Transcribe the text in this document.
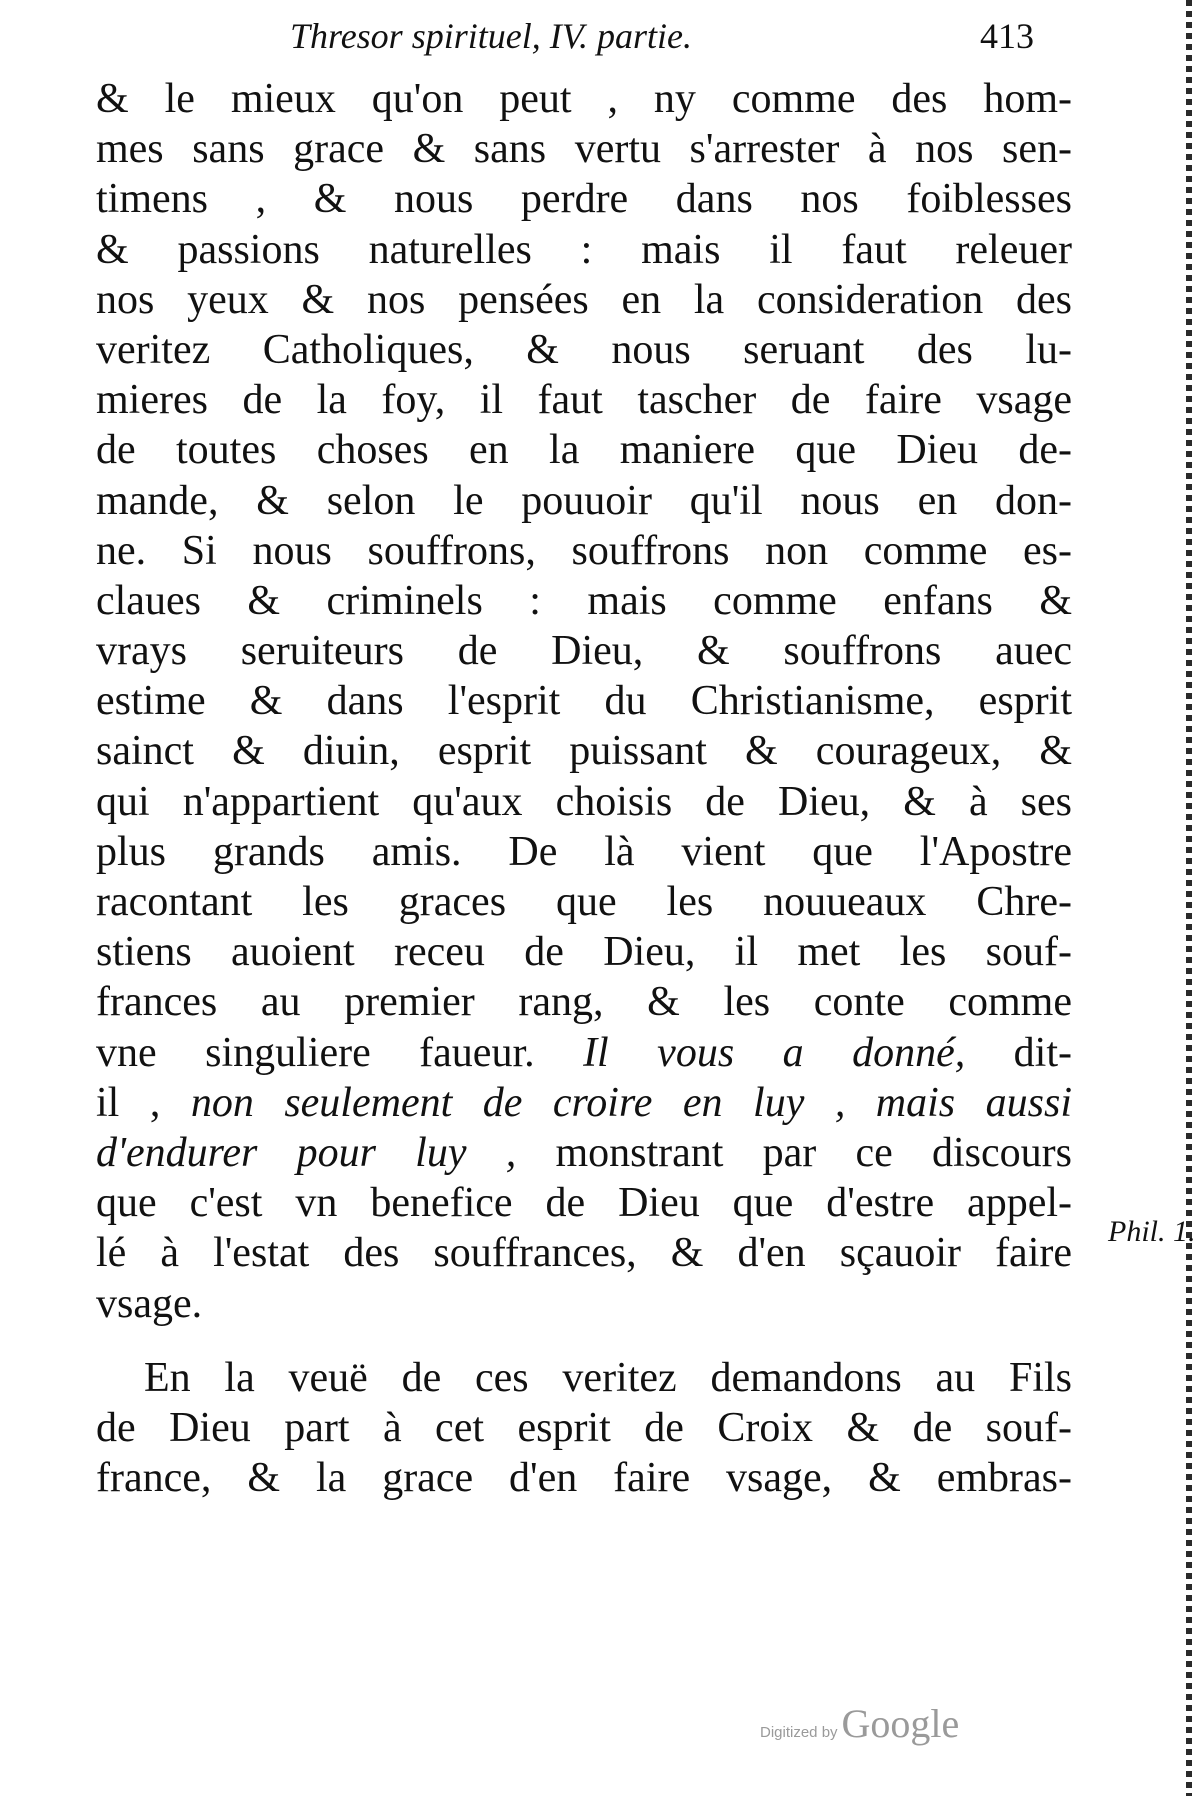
Thresor spirituel, IV. partie.	413
& le mieux qu'on peut , ny comme des hom-
mes sans grace & sans vertu s'arrester à nos sen-
timens , & nous perdre dans nos foiblesses
& passions naturelles : mais il faut releuer
nos yeux & nos pensées en la consideration des
veritez Catholiques, & nous seruant des lu-
mieres de la foy, il faut tascher de faire vsage
de toutes choses en la maniere que Dieu de-
mande, & selon le pouuoir qu'il nous en don-
ne. Si nous souffrons, souffrons non comme es-
claues & criminels : mais comme enfans &
vrays seruiteurs de Dieu, & souffrons auec
estime & dans l'esprit du Christianisme, esprit
sainct & diuin, esprit puissant & courageux, &
qui n'appartient qu'aux choisis de Dieu, & à ses
plus grands amis. De là vient que l'Apostre
racontant les graces que les nouueaux Chre-
stiens auoient receu de Dieu, il met les souf-
frances au premier rang, & les conte comme
vne singuliere faueur. Il vous a donné, dit-
il , non seulement de croire en luy , mais aussi
d'endurer pour luy , monstrant par ce discours
que c'est vn benefice de Dieu que d'estre appel-
lé à l'estat des souffrances, & d'en sçauoir faire
vsage.
En la veuë de ces veritez demandons au Fils
de Dieu part à cet esprit de Croix & de souf-
france, & la grace d'en faire vsage, & embras-
Phil. 1.
Digitized by Google
